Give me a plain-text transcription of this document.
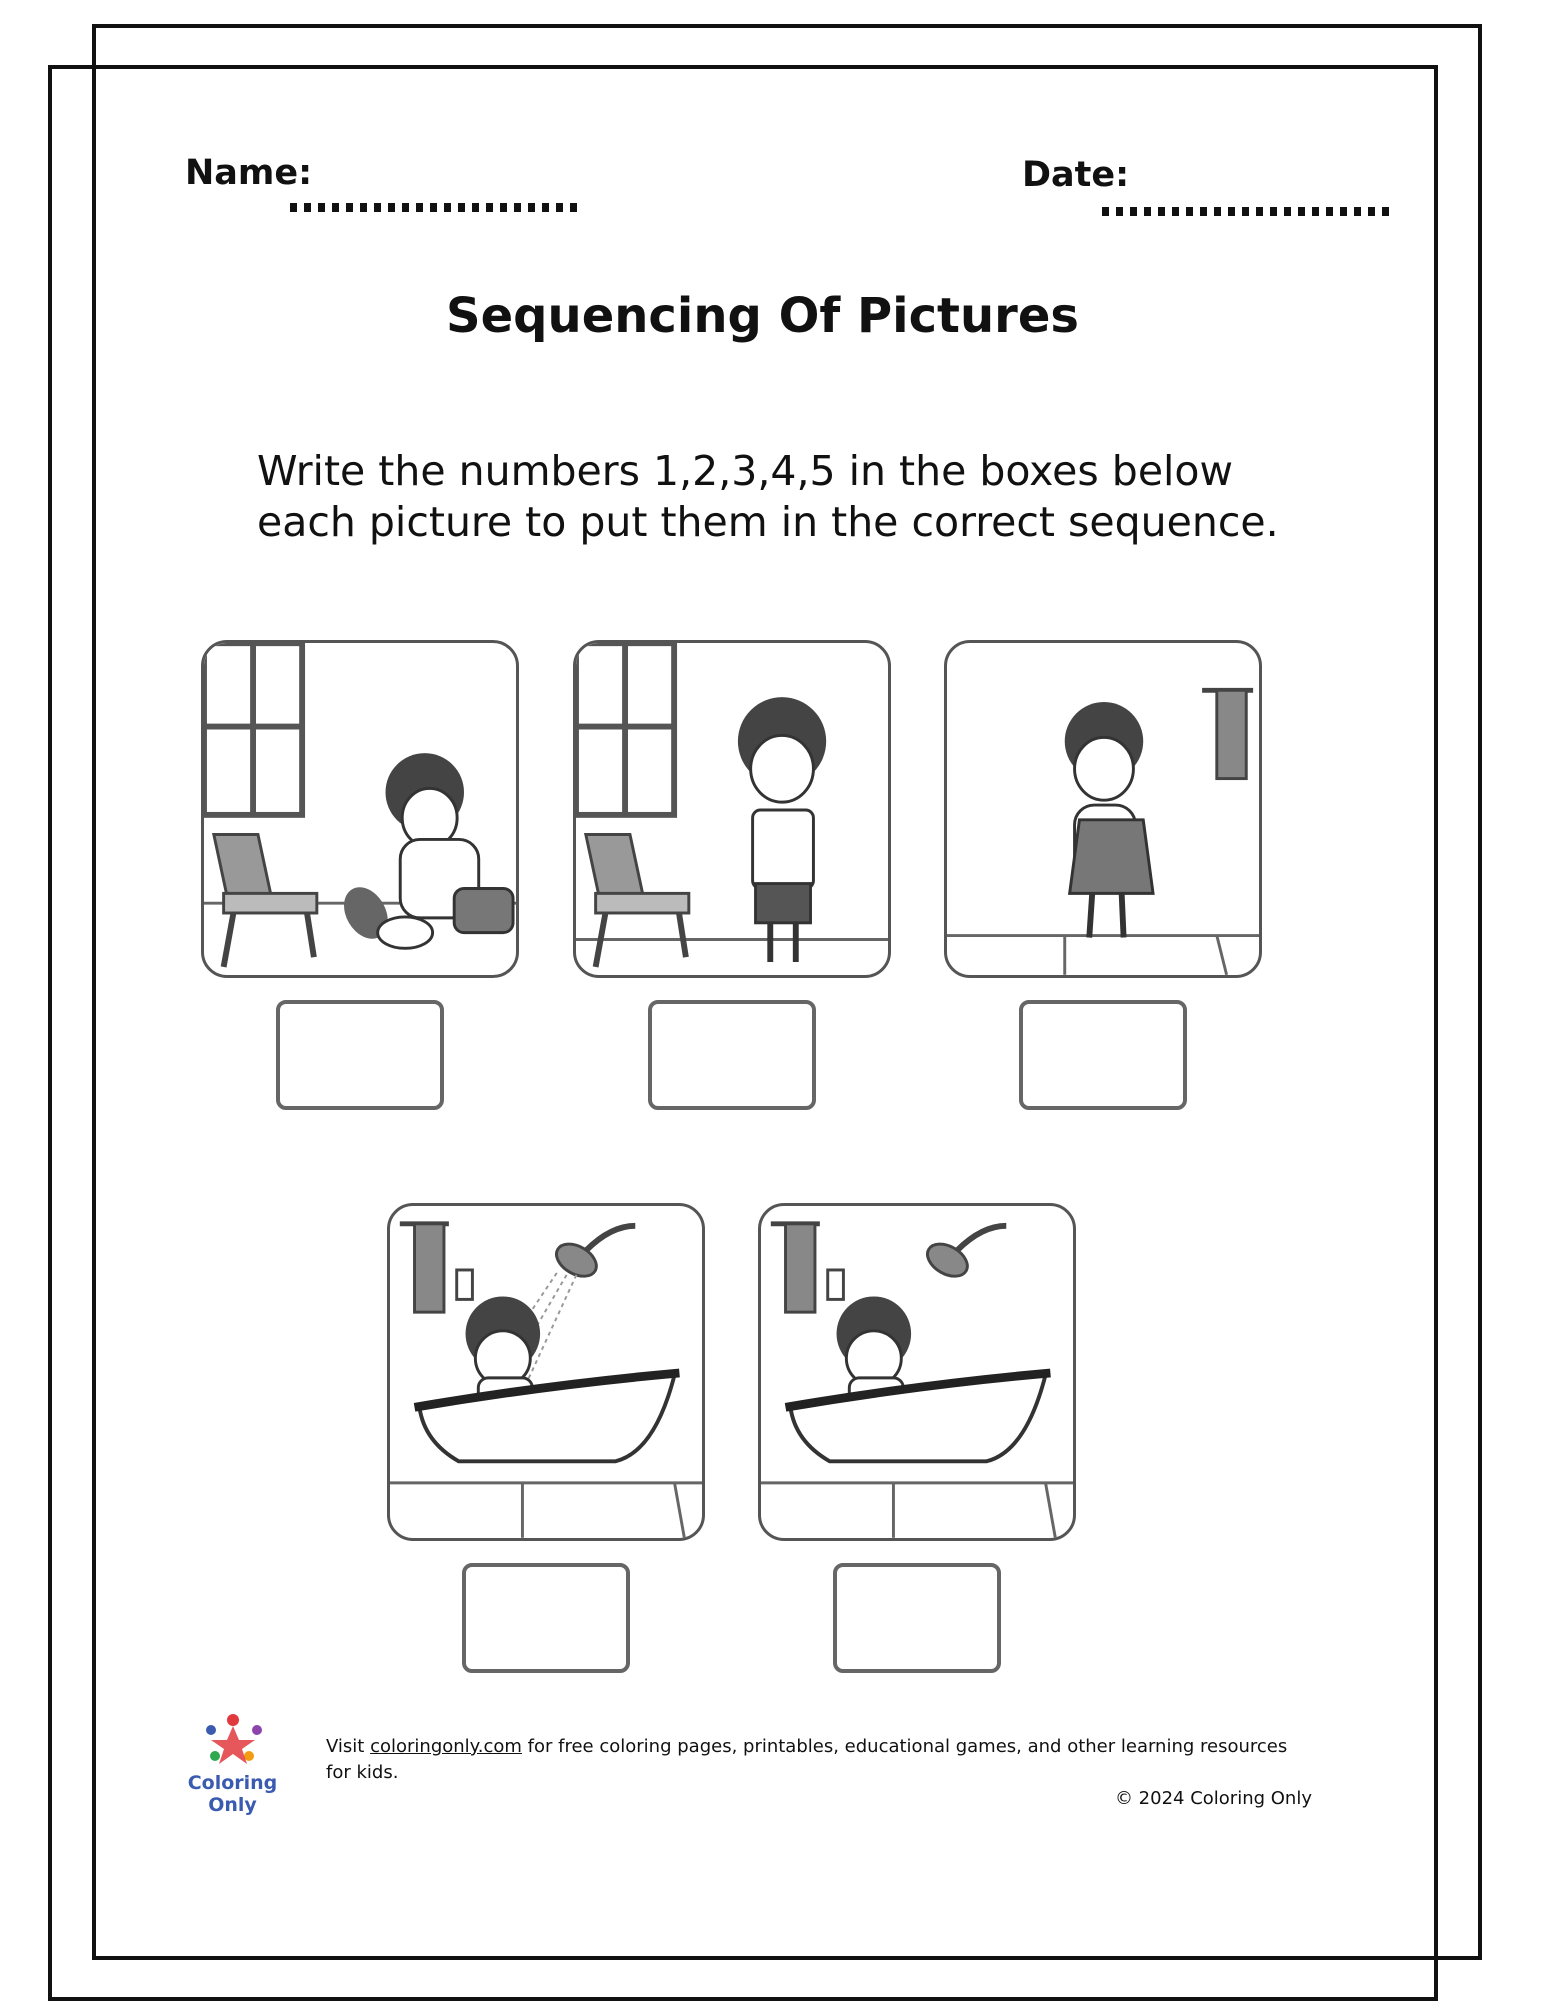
Name:	Date:
Sequencing Of Pictures
Write the numbers 1,2,3,4,5 in the boxes below each picture to put them in the correct sequence.
Coloring Only
Visit coloringonly.com for free coloring pages, printables, educational games, and other learning resources for kids.
© 2024 Coloring Only
